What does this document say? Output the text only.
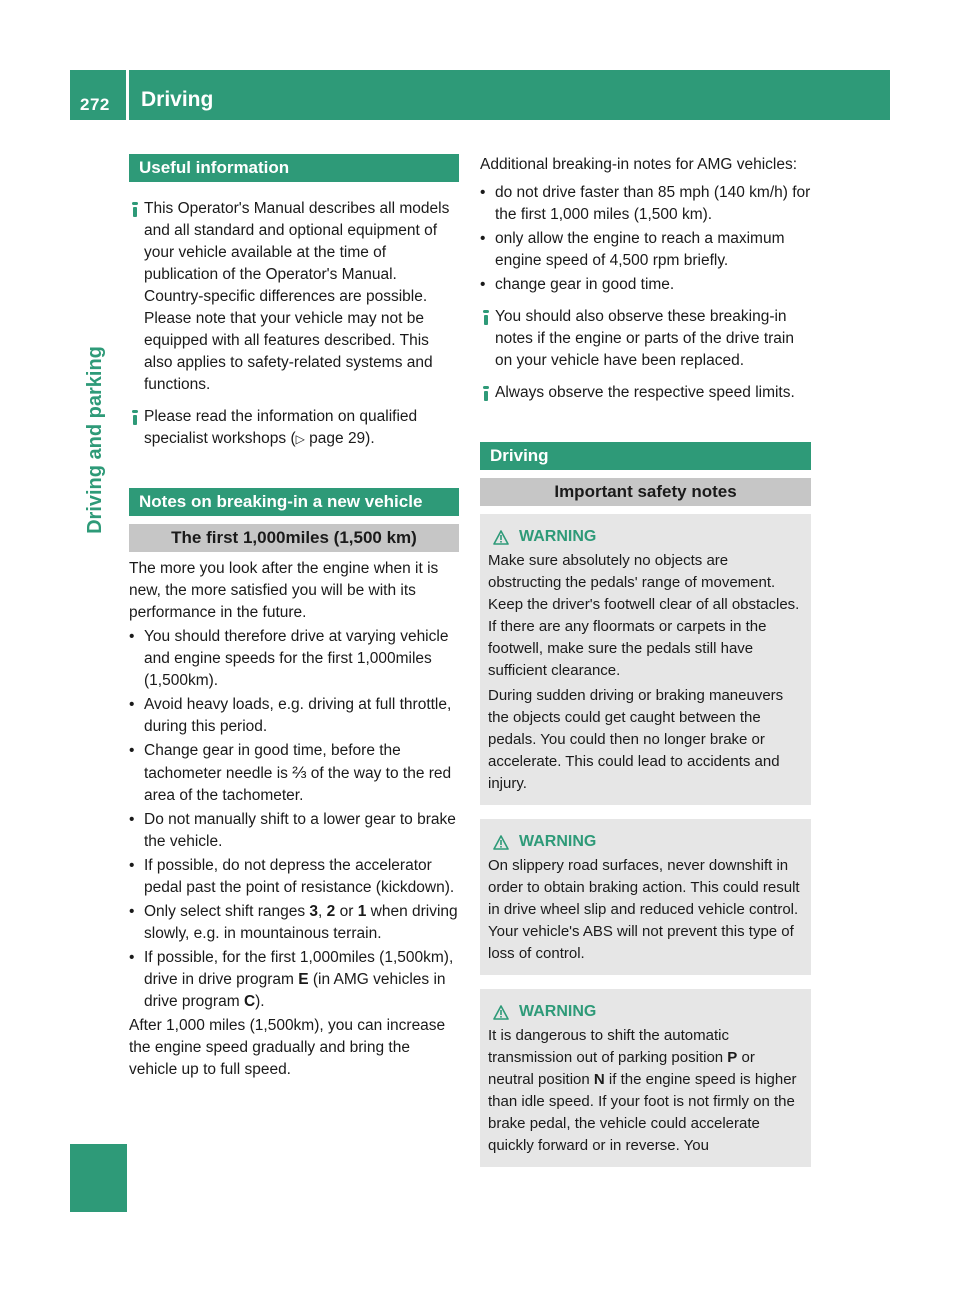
272 Driving
Driving and parking
Useful information
This Operator's Manual describes all models and all standard and optional equipment of your vehicle available at the time of publication of the Operator's Manual. Country-specific differences are possible. Please note that your vehicle may not be equipped with all features described. This also applies to safety-related systems and functions.
Please read the information on qualified specialist workshops (▷ page 29).
Notes on breaking-in a new vehicle
The first 1,000miles (1,500 km)
The more you look after the engine when it is new, the more satisfied you will be with its performance in the future.
• You should therefore drive at varying vehicle and engine speeds for the first 1,000miles (1,500km).
• Avoid heavy loads, e.g. driving at full throttle, during this period.
• Change gear in good time, before the tachometer needle is ⅔ of the way to the red area of the tachometer.
• Do not manually shift to a lower gear to brake the vehicle.
• If possible, do not depress the accelerator pedal past the point of resistance (kickdown).
• Only select shift ranges 3, 2 or 1 when driving slowly, e.g. in mountainous terrain.
• If possible, for the first 1,000miles (1,500km), drive in drive program E (in AMG vehicles in drive program C).
After 1,000 miles (1,500km), you can increase the engine speed gradually and bring the vehicle up to full speed.
Additional breaking-in notes for AMG vehicles:
• do not drive faster than 85 mph (140 km/h) for the first 1,000 miles (1,500 km).
• only allow the engine to reach a maximum engine speed of 4,500 rpm briefly.
• change gear in good time.
You should also observe these breaking-in notes if the engine or parts of the drive train on your vehicle have been replaced.
Always observe the respective speed limits.
Driving
Important safety notes
WARNING

Make sure absolutely no objects are obstructing the pedals' range of movement. Keep the driver's footwell clear of all obstacles. If there are any floormats or carpets in the footwell, make sure the pedals still have sufficient clearance.

During sudden driving or braking maneuvers the objects could get caught between the pedals. You could then no longer brake or accelerate. This could lead to accidents and injury.

WARNING
On slippery road surfaces, never downshift in order to obtain braking action. This could result in drive wheel slip and reduced vehicle control. Your vehicle's ABS will not prevent this type of loss of control.
WARNING
It is dangerous to shift the automatic transmission out of parking position P or neutral position N if the engine speed is higher than idle speed. If your foot is not firmly on the brake pedal, the vehicle could accelerate quickly forward or in reverse. You
